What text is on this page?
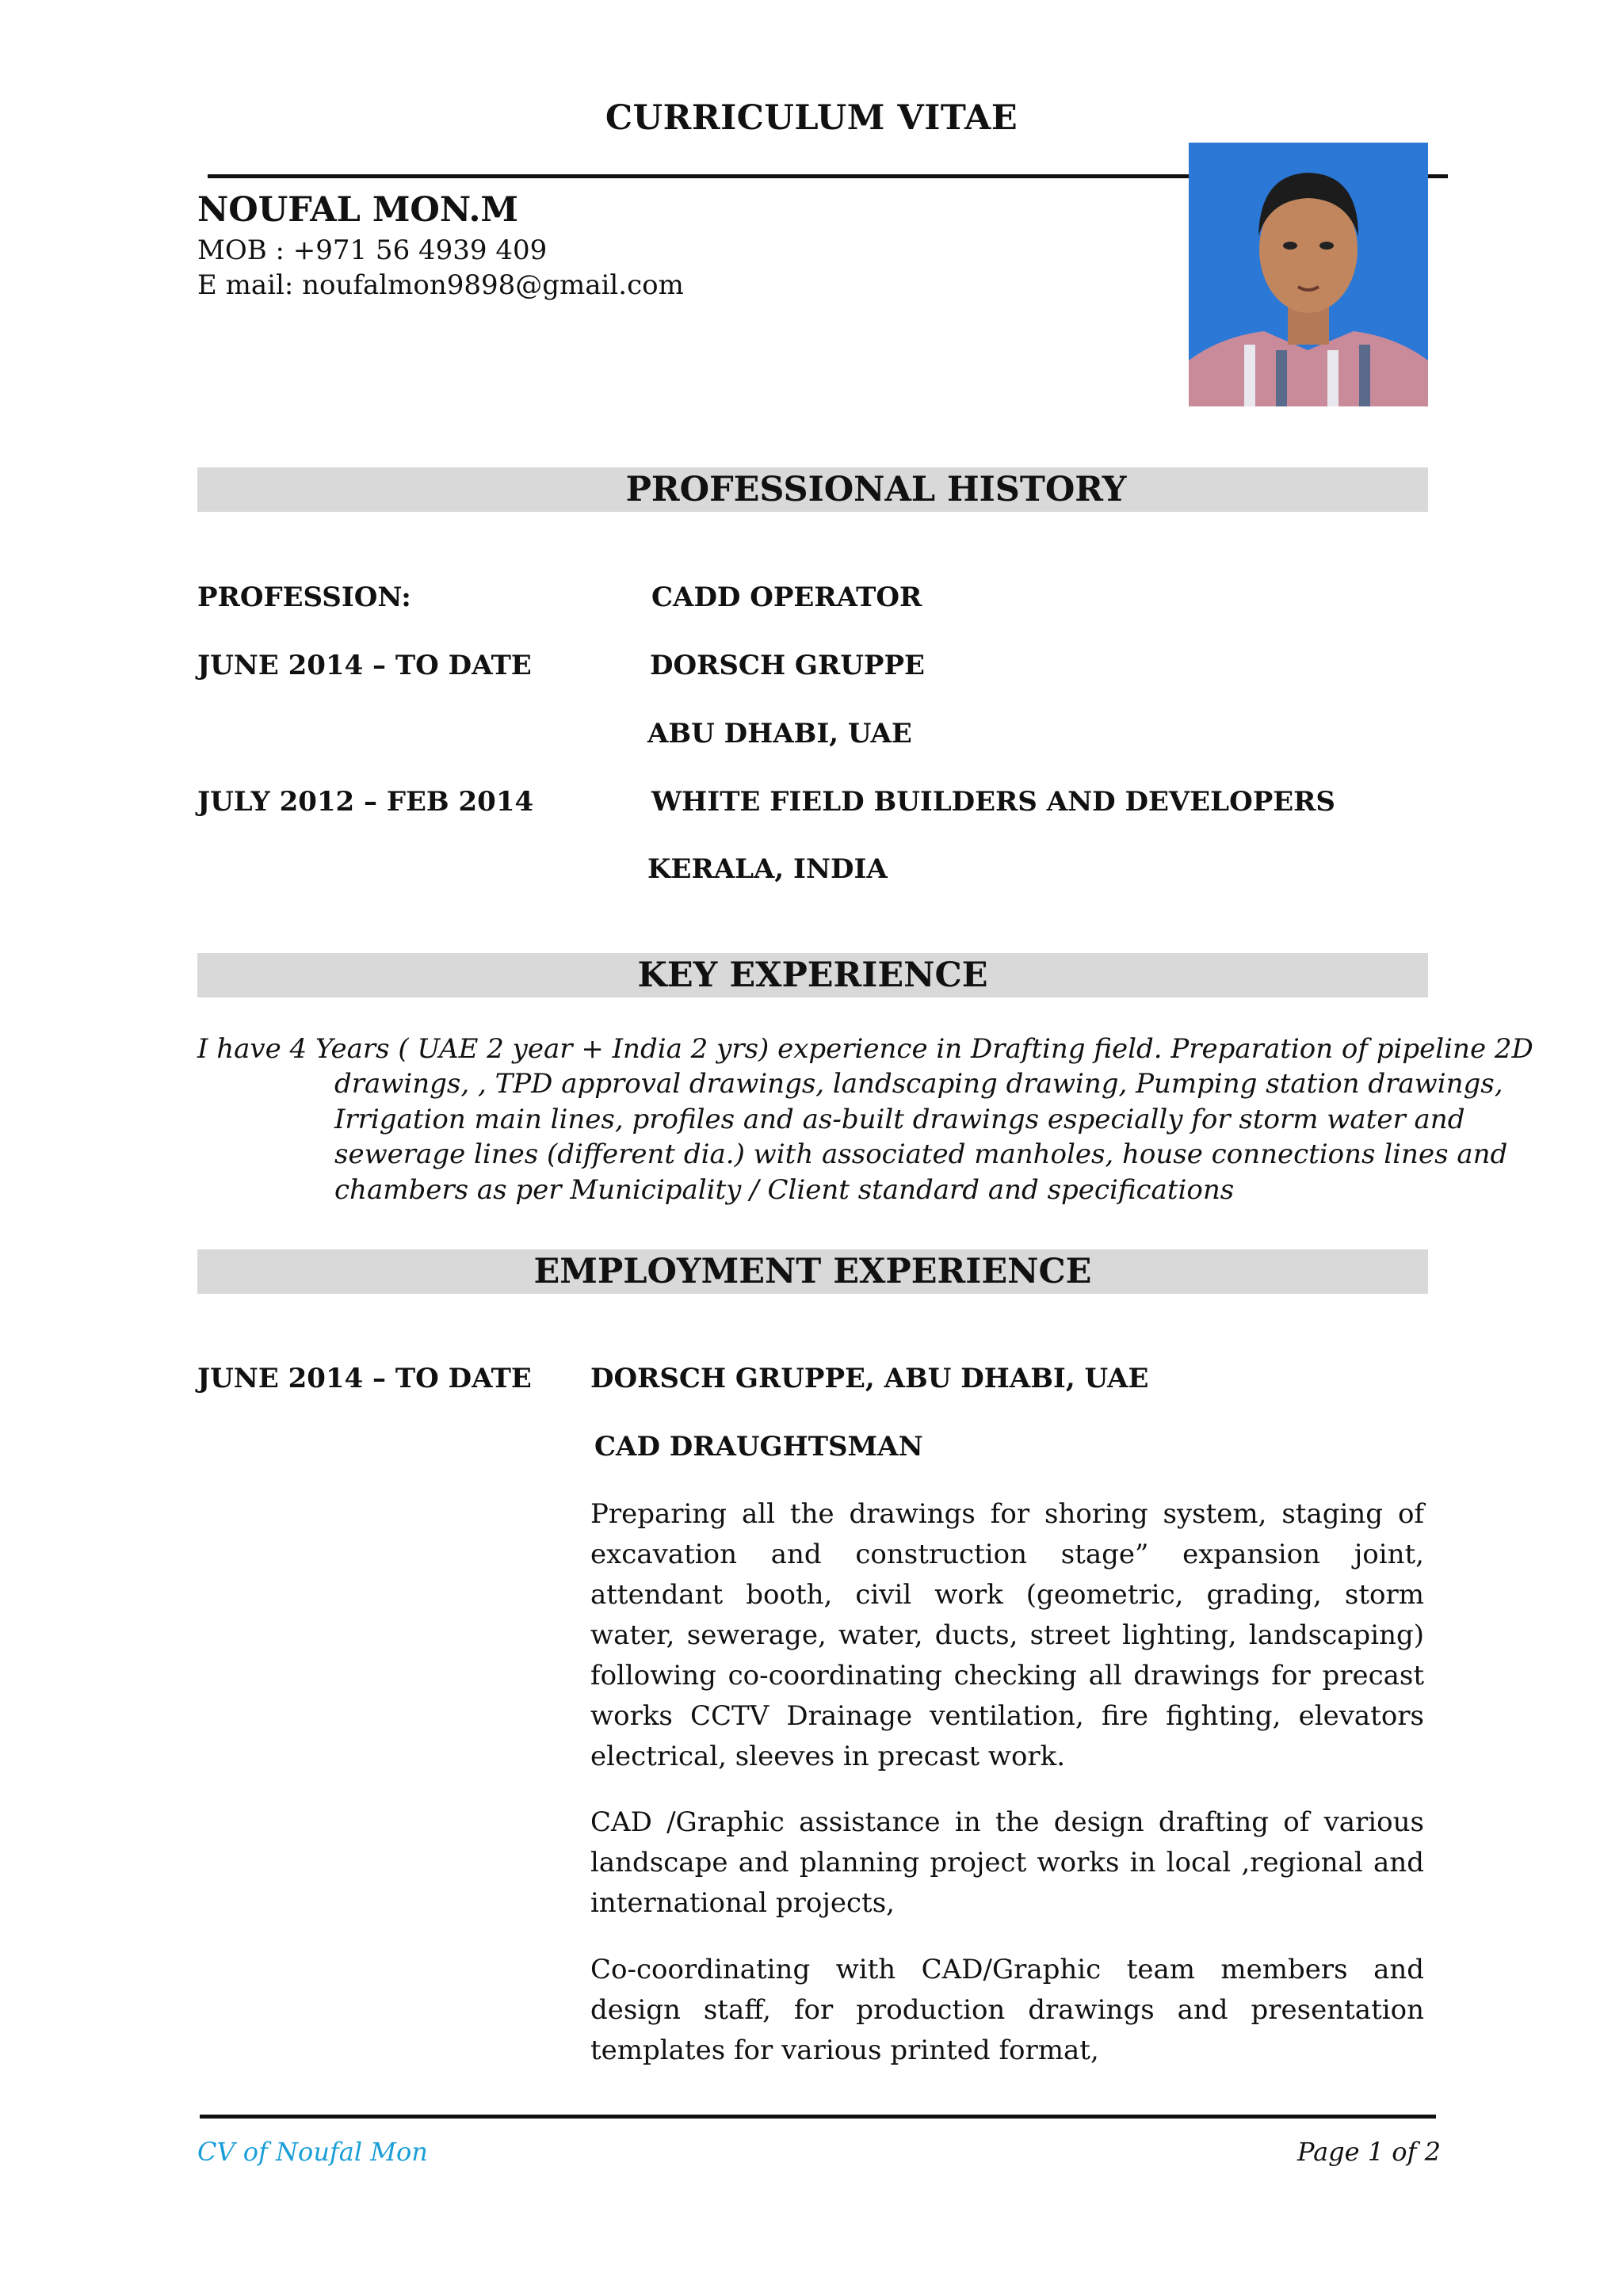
CURRICULUM VITAE
NOUFAL MON.M
MOB : +971 56 4939 409
E mail: noufalmon9898@gmail.com
PROFESSIONAL HISTORY
PROFESSION:	CADD OPERATOR
JUNE 2014 – TO DATE	DORSCH GRUPPE
ABU DHABI, UAE
JULY 2012 – FEB 2014	WHITE FIELD BUILDERS AND DEVELOPERS
KERALA, INDIA
KEY EXPERIENCE
I have 4 Years ( UAE 2 year + India 2 yrs) experience in Drafting field. Preparation of pipeline 2D
drawings, , TPD approval drawings, landscaping drawing, Pumping station drawings,
Irrigation main lines, profiles and as-built drawings especially for storm water and
sewerage lines (different dia.) with associated manholes, house connections lines and
chambers as per Municipality / Client standard and specifications
EMPLOYMENT EXPERIENCE
JUNE 2014 – TO DATE DORSCH GRUPPE, ABU DHABI, UAE
CAD DRAUGHTSMAN
Preparing all the drawings for shoring system, staging of excavation and construction stage” expansion joint, attendant booth, civil work (geometric, grading, storm water, sewerage, water, ducts, street lighting, landscaping) following co-coordinating checking all drawings for precast works CCTV Drainage ventilation, fire fighting, elevators electrical, sleeves in precast work.
CAD /Graphic assistance in the design drafting of various landscape and planning project works in local ,regional and international projects,
Co-coordinating with CAD/Graphic team members and design staff, for production drawings and presentation templates for various printed format,
CV of Noufal Mon	Page 1 of 2
